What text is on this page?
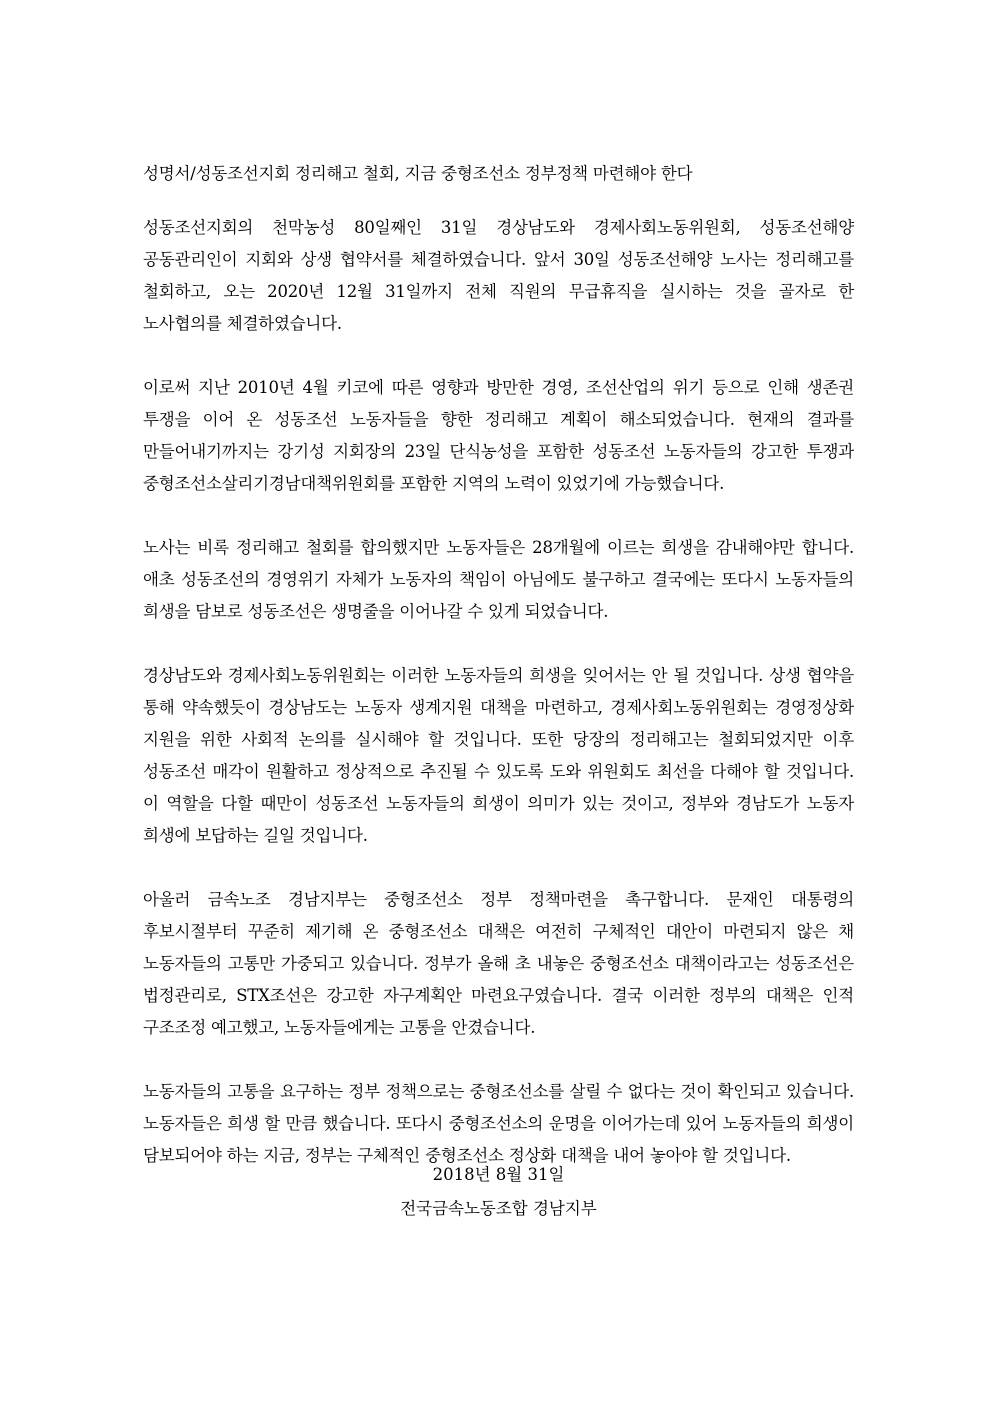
성명서/성동조선지회 정리해고 철회, 지금 중형조선소 정부정책 마련해야 한다

성동조선지회의 천막농성 80일째인 31일 경상남도와 경제사회노동위원회, 성동조선해양 공동관리인이 지회와 상생 협약서를 체결하였습니다. 앞서 30일 성동조선해양 노사는 정리해고를 철회하고, 오는 2020년 12월 31일까지 전체 직원의 무급휴직을 실시하는 것을 골자로 한 노사협의를 체결하였습니다.

이로써 지난 2010년 4월 키코에 따른 영향과 방만한 경영, 조선산업의 위기 등으로 인해 생존권 투쟁을 이어 온 성동조선 노동자들을 향한 정리해고 계획이 해소되었습니다. 현재의 결과를 만들어내기까지는 강기성 지회장의 23일 단식농성을 포함한 성동조선 노동자들의 강고한 투쟁과 중형조선소살리기경남대책위원회를 포함한 지역의 노력이 있었기에 가능했습니다.

노사는 비록 정리해고 철회를 합의했지만 노동자들은 28개월에 이르는 희생을 감내해야만 합니다. 애초 성동조선의 경영위기 자체가 노동자의 책임이 아님에도 불구하고 결국에는 또다시 노동자들의 희생을 담보로 성동조선은 생명줄을 이어나갈 수 있게 되었습니다.

경상남도와 경제사회노동위원회는 이러한 노동자들의 희생을 잊어서는 안 될 것입니다. 상생 협약을 통해 약속했듯이 경상남도는 노동자 생계지원 대책을 마련하고, 경제사회노동위원회는 경영정상화 지원을 위한 사회적 논의를 실시해야 할 것입니다. 또한 당장의 정리해고는 철회되었지만 이후 성동조선 매각이 원활하고 정상적으로 추진될 수 있도록 도와 위원회도 최선을 다해야 할 것입니다. 이 역할을 다할 때만이 성동조선 노동자들의 희생이 의미가 있는 것이고, 정부와 경남도가 노동자 희생에 보답하는 길일 것입니다.

아울러 금속노조 경남지부는 중형조선소 정부 정책마련을 촉구합니다. 문재인 대통령의 후보시절부터 꾸준히 제기해 온 중형조선소 대책은 여전히 구체적인 대안이 마련되지 않은 채 노동자들의 고통만 가중되고 있습니다. 정부가 올해 초 내놓은 중형조선소 대책이라고는 성동조선은 법정관리로, STX조선은 강고한 자구계획안 마련요구였습니다. 결국 이러한 정부의 대책은 인적 구조조정 예고했고, 노동자들에게는 고통을 안겼습니다.

노동자들의 고통을 요구하는 정부 정책으로는 중형조선소를 살릴 수 없다는 것이 확인되고 있습니다. 노동자들은 희생 할 만큼 했습니다. 또다시 중형조선소의 운명을 이어가는데 있어 노동자들의 희생이 담보되어야 하는 지금, 정부는 구체적인 중형조선소 정상화 대책을 내어 놓아야 할 것입니다.

2018년 8월 31일
전국금속노동조합 경남지부
